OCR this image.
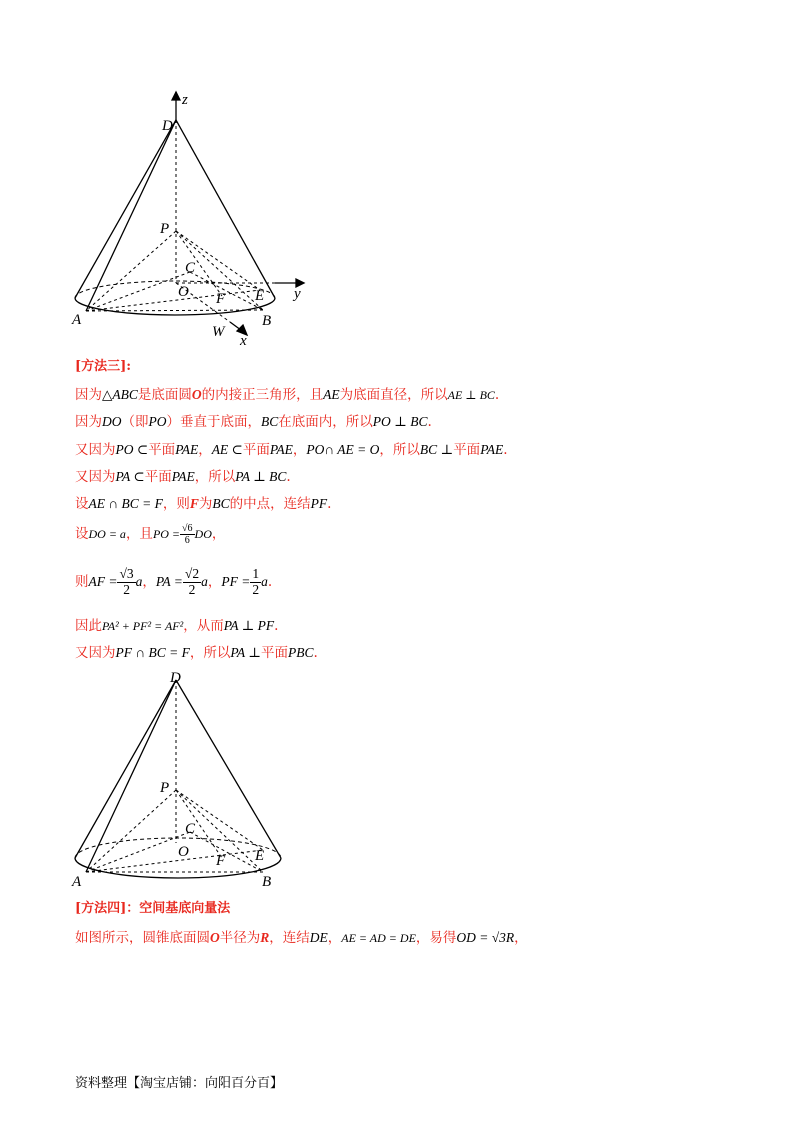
z
D
P
C
O F E y
A	B
W
x
[方法三]:
因为△ABC是底面圆O的内接正三角形，且AE为底面直径，所以AE ⊥ BC.
因为DO（即PO）垂直于底面，BC在底面内，所以PO ⊥ BC.
又因为PO ⊂平面PAE，AE ⊂平面PAE，PO∩ AE = O，所以BC ⊥平面PAE.
又因为PA ⊂平面PAE，所以PA ⊥ BC.
设AE ∩ BC = F，则F为BC的中点，连结PF.
设DO = a，且PO = $\frac{√6}{6}$ DO，
则AF = $\frac{√3}{2}$ a，PA = $\frac{√2}{2}$ a，PF = $\frac{1}{2} a$.
因此PA² + PF² = AF²，从而PA ⊥ PF.
又因为PF ∩ BC = F，所以PA ⊥平面PBC.
D
P
C
O
F E
A	B
[方法四]：空间基底向量法
如图所示，圆锥底面圆O半径为R，连结DE，AE = AD = DE，易得OD = √3R，
资料整理【淘宝店铺：向阳百分百】
